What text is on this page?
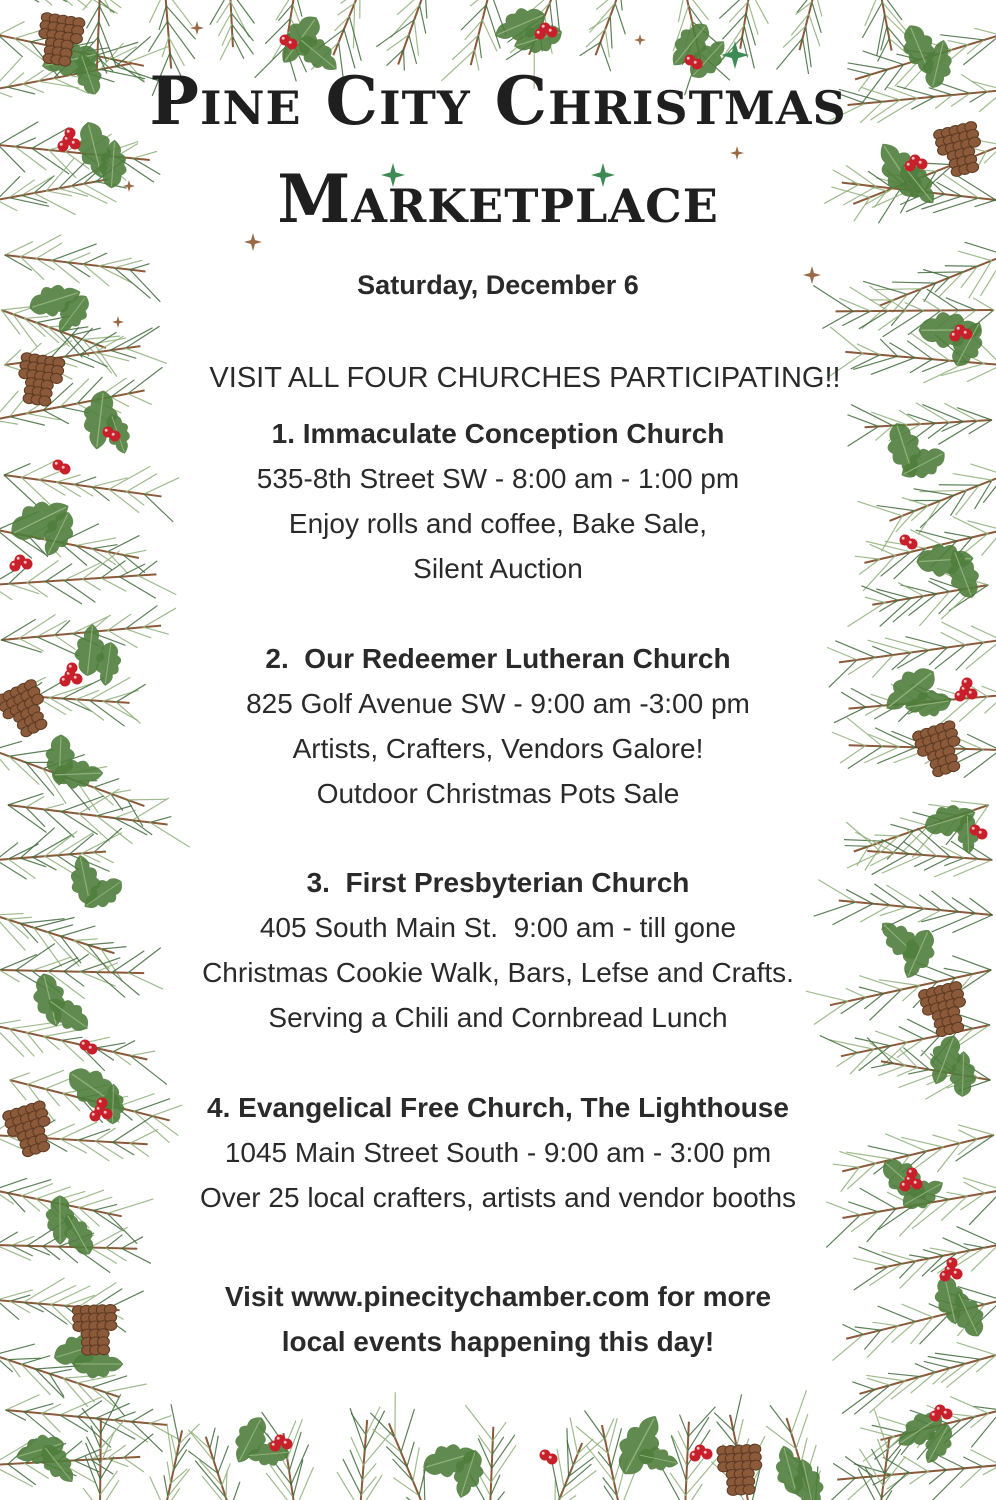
Pine City Christmas
Marketplace
Saturday, December 6
VISIT ALL FOUR CHURCHES PARTICIPATING!!
1. Immaculate Conception Church
535-8th Street SW - 8:00 am - 1:00 pm
Enjoy rolls and coffee, Bake Sale,
Silent Auction
2.  Our Redeemer Lutheran Church
825 Golf Avenue SW - 9:00 am -3:00 pm
Artists, Crafters, Vendors Galore!
Outdoor Christmas Pots Sale
3.  First Presbyterian Church
405 South Main St.  9:00 am - till gone
Christmas Cookie Walk, Bars, Lefse and Crafts.
Serving a Chili and Cornbread Lunch
4. Evangelical Free Church, The Lighthouse
1045 Main Street South - 9:00 am - 3:00 pm
Over 25 local crafters, artists and vendor booths
Visit www.pinecitychamber.com for more
local events happening this day!
